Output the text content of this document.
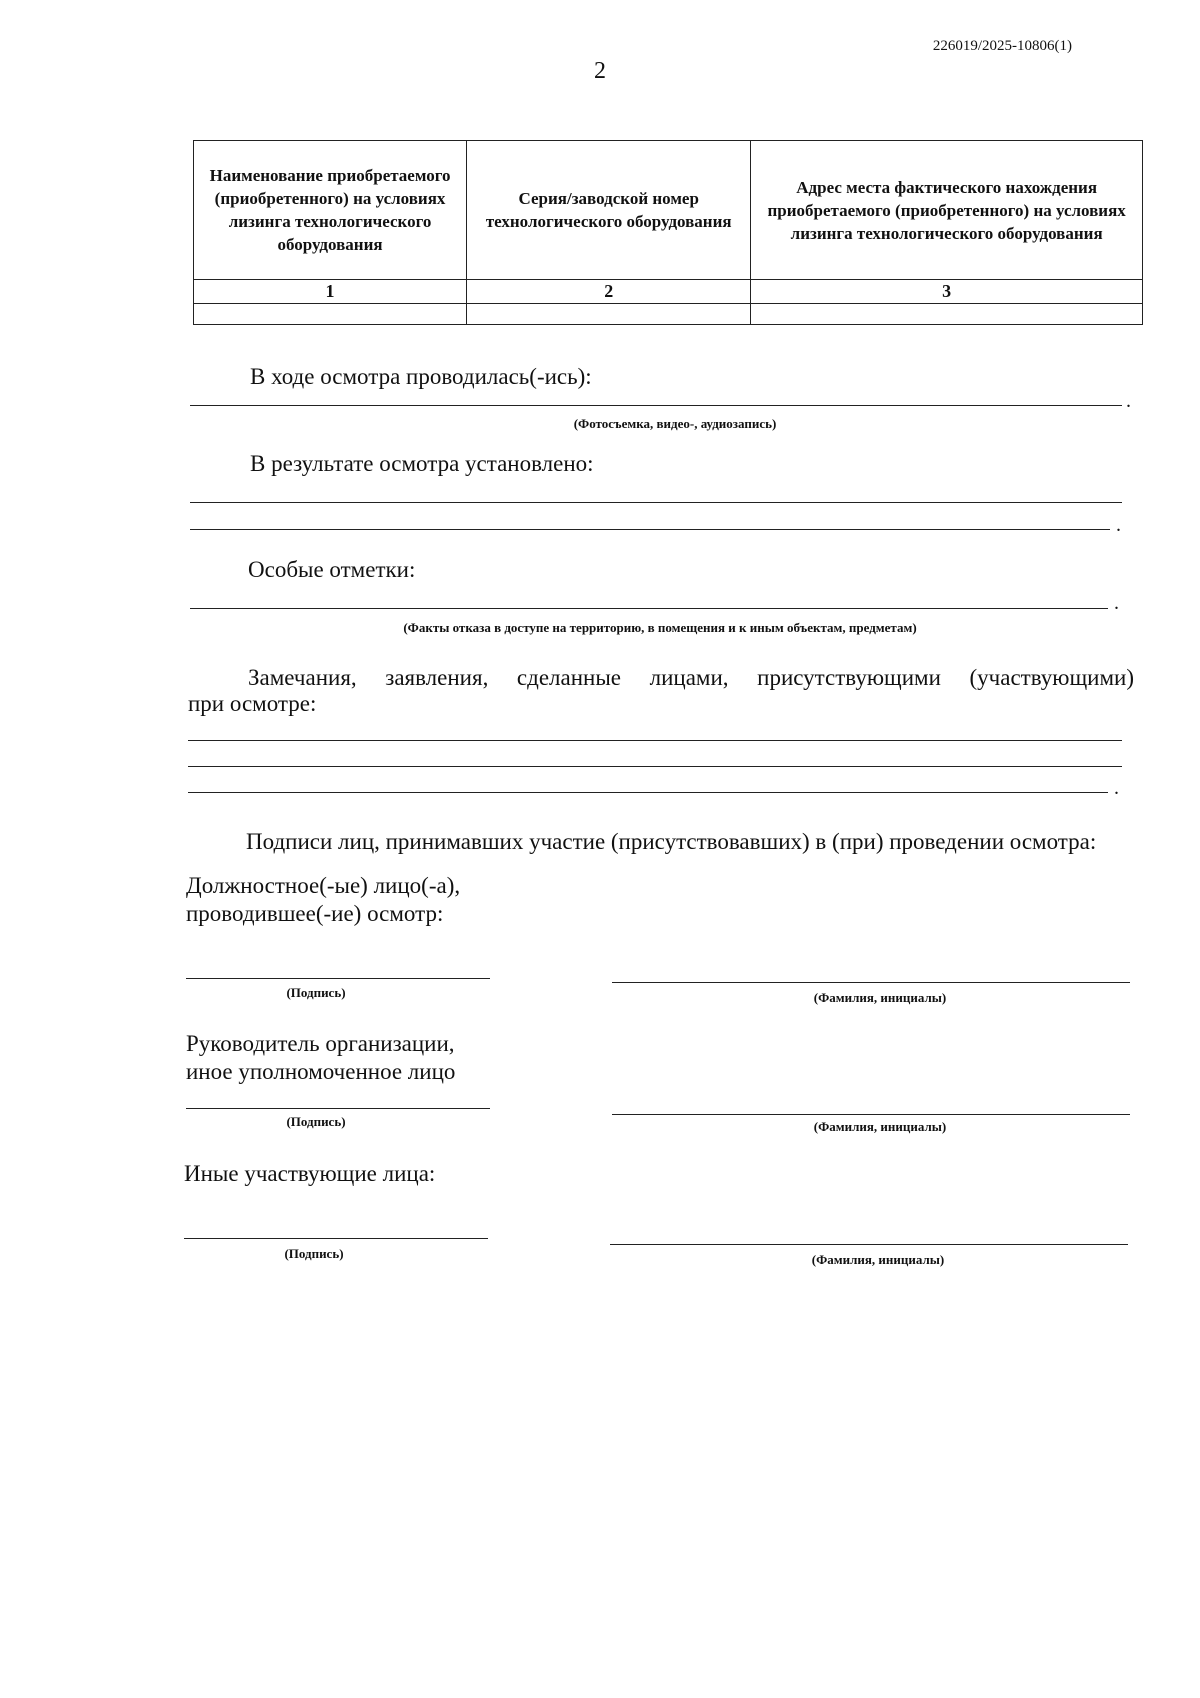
226019/2025-10806(1)
2
Наименование приобретаемого (приобретенного) на условиях лизинга технологического оборудования	Серия/заводской номер технологического оборудования	Адрес места фактического нахождения приобретаемого (приобретенного) на условиях лизинга технологического оборудования
1	2	3

В ходе осмотра проводилась(-ись):
.
(Фотосъемка, видео-, аудиозапись)
В результате осмотра установлено:
.
Особые отметки:
.
(Факты отказа в доступе на территорию, в помещения и к иным объектам, предметам)
Замечания, заявления, сделанные лицами, присутствующими (участвующими)
при осмотре:
.
Подписи лиц, принимавших участие (присутствовавших) в (при) проведении осмотра:
Должностное(-ые) лицо(-а),
проводившее(-ие) осмотр:
(Подпись)	(Фамилия, инициалы)
Руководитель организации,
иное уполномоченное лицо
(Подпись)	(Фамилия, инициалы)
Иные участвующие лица:
(Подпись)	(Фамилия, инициалы)
